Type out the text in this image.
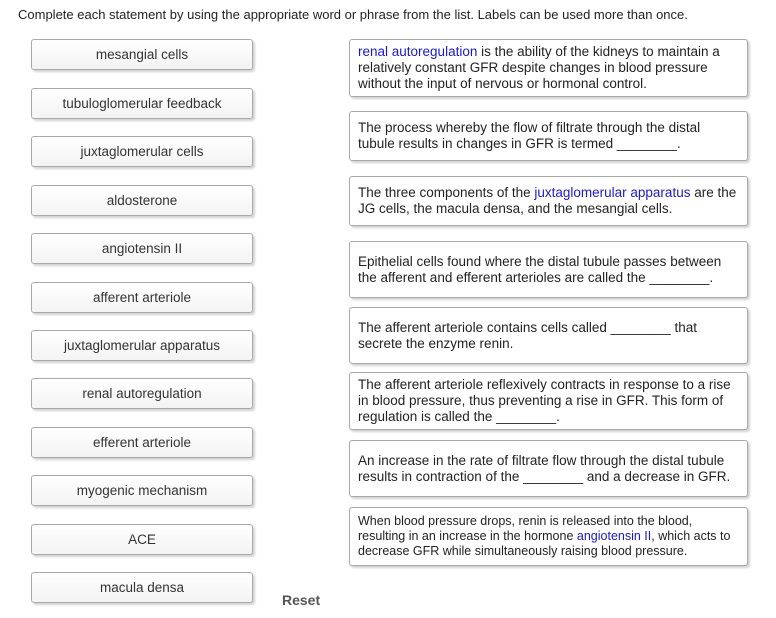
Complete each statement by using the appropriate word or phrase from the list. Labels can be used more than once.
mesangial cells
tubuloglomerular feedback
juxtaglomerular cells
aldosterone
angiotensin II
afferent arteriole
juxtaglomerular apparatus
renal autoregulation
efferent arteriole
myogenic mechanism
ACE
macula densa
renal autoregulation is the ability of the kidneys to maintain a relatively constant GFR despite changes in blood pressure without the input of nervous or hormonal control.
The process whereby the flow of filtrate through the distal tubule results in changes in GFR is termed ________.
The three components of the juxtaglomerular apparatus are the JG cells, the macula densa, and the mesangial cells.
Epithelial cells found where the distal tubule passes between the afferent and efferent arterioles are called the ________.
The afferent arteriole contains cells called ________ that secrete the enzyme renin.
The afferent arteriole reflexively contracts in response to a rise in blood pressure, thus preventing a rise in GFR. This form of regulation is called the ________.
An increase in the rate of filtrate flow through the distal tubule results in contraction of the ________ and a decrease in GFR.
When blood pressure drops, renin is released into the blood, resulting in an increase in the hormone angiotensin II, which acts to decrease GFR while simultaneously raising blood pressure.
Reset
